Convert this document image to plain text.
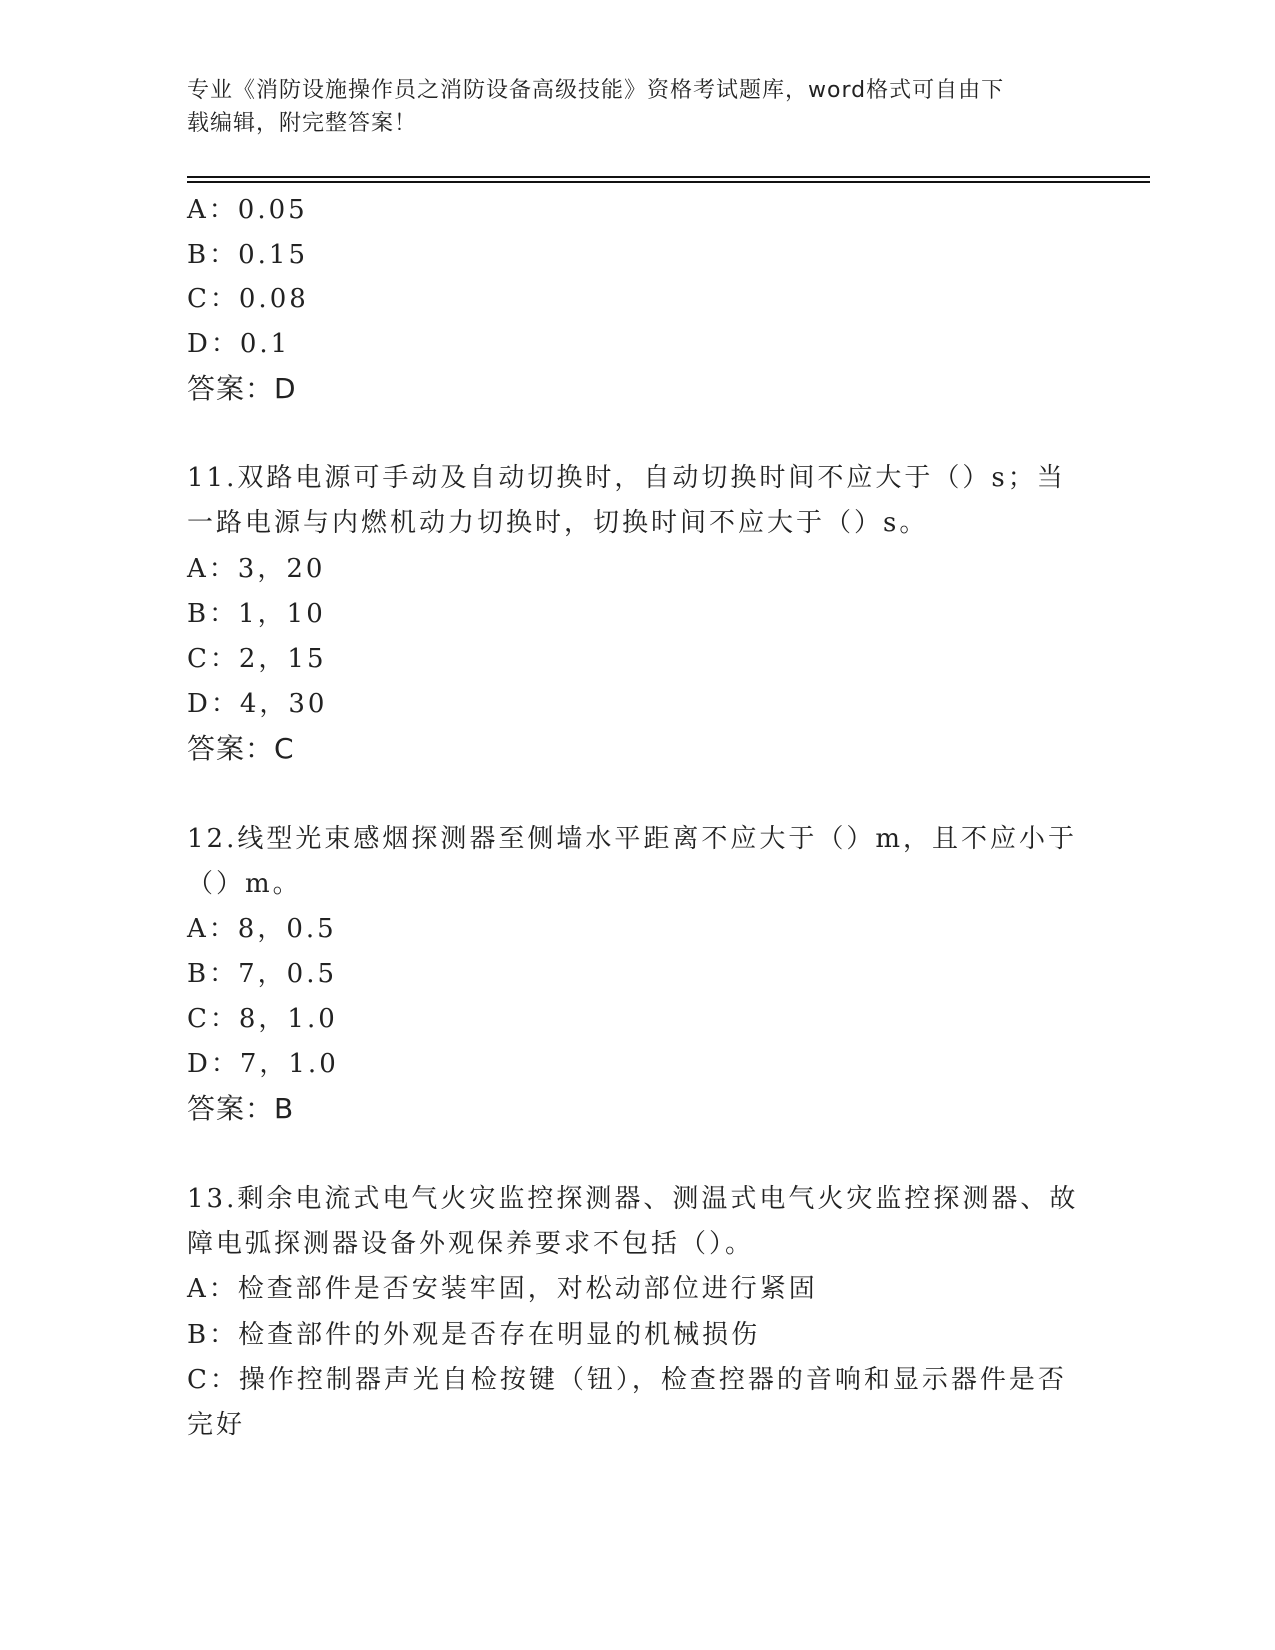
专业《消防设施操作员之消防设备高级技能》资格考试题库，word格式可自由下
载编辑，附完整答案！
A：0.05
B：0.15
C：0.08
D：0.1
答案：D
11.双路电源可手动及自动切换时，自动切换时间不应大于（）s；当
一路电源与内燃机动力切换时，切换时间不应大于（）s。
A：3，20
B：1，10
C：2，15
D：4，30
答案：C
12.线型光束感烟探测器至侧墙水平距离不应大于（）m，且不应小于
（）m。
A：8，0.5
B：7，0.5
C：8，1.0
D：7，1.0
答案：B
13.剩余电流式电气火灾监控探测器、测温式电气火灾监控探测器、故
障电弧探测器设备外观保养要求不包括（）。
A：检查部件是否安装牢固，对松动部位进行紧固
B：检查部件的外观是否存在明显的机械损伤
C：操作控制器声光自检按键（钮），检查控器的音响和显示器件是否
完好
